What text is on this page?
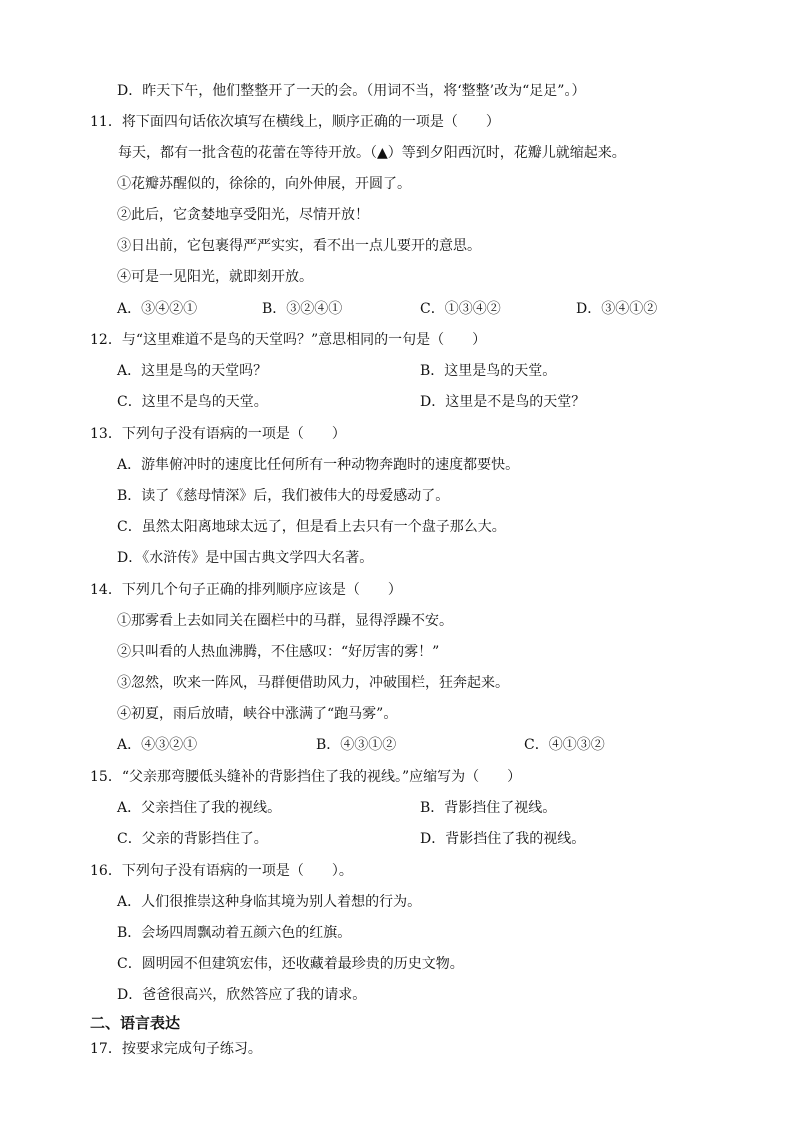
D．昨天下午，他们整整开了一天的会。（用词不当，将‘整整’改为“足足”。）
11．将下面四句话依次填写在横线上，顺序正确的一项是（　　）
每天，都有一批含苞的花蕾在等待开放。（▲）等到夕阳西沉时，花瓣儿就缩起来。
①花瓣苏醒似的，徐徐的，向外伸展，开圆了。
②此后，它贪婪地享受阳光，尽情开放！
③日出前，它包裹得严严实实，看不出一点儿要开的意思。
④可是一见阳光，就即刻开放。
A．③④②①	B．③②④①	C．①③④②	D．③④①②
12．与“这里难道不是鸟的天堂吗？”意思相同的一句是（　　）
A．这里是鸟的天堂吗？	B．这里是鸟的天堂。
C．这里不是鸟的天堂。	D．这里是不是鸟的天堂？
13．下列句子没有语病的一项是（　　）
A．游隼俯冲时的速度比任何所有一种动物奔跑时的速度都要快。
B．读了《慈母情深》后，我们被伟大的母爱感动了。
C．虽然太阳离地球太远了，但是看上去只有一个盘子那么大。
D．《水浒传》是中国古典文学四大名著。
14．下列几个句子正确的排列顺序应该是（　　）
①那雾看上去如同关在圈栏中的马群，显得浮躁不安。
②只叫看的人热血沸腾，不住感叹：“好厉害的雾！”
③忽然，吹来一阵风，马群便借助风力，冲破围栏，狂奔起来。
④初夏，雨后放晴，峡谷中涨满了“跑马雾”。
A．④③②①	B．④③①②	C．④①③②
15．“父亲那弯腰低头缝补的背影挡住了我的视线。”应缩写为（　　）
A．父亲挡住了我的视线。	B．背影挡住了视线。
C．父亲的背影挡住了。	D．背影挡住了我的视线。
16．下列句子没有语病的一项是（　　）。
A．人们很推崇这种身临其境为别人着想的行为。
B．会场四周飘动着五颜六色的红旗。
C．圆明园不但建筑宏伟，还收藏着最珍贵的历史文物。
D．爸爸很高兴，欣然答应了我的请求。
二、语言表达
17．按要求完成句子练习。
